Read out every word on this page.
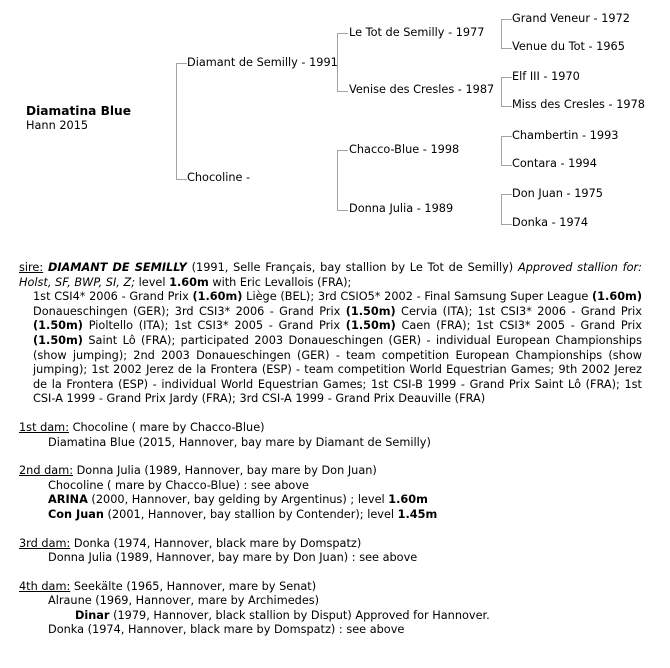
Diamatina Blue
Hann 2015
Diamant de Semilly - 1991
Chocoline -
Le Tot de Semilly - 1977
Venise des Cresles - 1987
Chacco-Blue - 1998
Donna Julia - 1989
Grand Veneur - 1972
Venue du Tot - 1965
Elf III - 1970
Miss des Cresles - 1978
Chambertin - 1993
Contara - 1994
Don Juan - 1975
Donka - 1974

sire: DIAMANT DE SEMILLY (1991, Selle Français, bay stallion by Le Tot de Semilly) Approved stallion for: Holst, SF, BWP, SI, Z; level 1.60m with Eric Levallois (FRA);

1st CSI4* 2006 - Grand Prix (1.60m) Liège (BEL); 3rd CSIO5* 2002 - Final Samsung Super League (1.60m) Donaueschingen (GER); 3rd CSI3* 2006 - Grand Prix (1.50m) Cervia (ITA); 1st CSI3* 2006 - Grand Prix (1.50m) Pioltello (ITA); 1st CSI3* 2005 - Grand Prix (1.50m) Caen (FRA); 1st CSI3* 2005 - Grand Prix (1.50m) Saint Lô (FRA); participated 2003 Donaueschingen (GER) - individual European Championships (show jumping); 2nd 2003 Donaueschingen (GER) - team competition European Championships (show jumping); 1st 2002 Jerez de la Frontera (ESP) - team competition World Equestrian Games; 9th 2002 Jerez de la Frontera (ESP) - individual World Equestrian Games; 1st CSI-B 1999 - Grand Prix Saint Lô (FRA); 1st CSI-A 1999 - Grand Prix Jardy (FRA); 3rd CSI-A 1999 - Grand Prix Deauville (FRA)

1st dam: Chocoline ( mare by Chacco-Blue)
Diamatina Blue (2015, Hannover, bay mare by Diamant de Semilly)
2nd dam: Donna Julia (1989, Hannover, bay mare by Don Juan)
Chocoline ( mare by Chacco-Blue) : see above
ARINA (2000, Hannover, bay gelding by Argentinus) ; level 1.60m
Con Juan (2001, Hannover, bay stallion by Contender); level 1.45m
3rd dam: Donka (1974, Hannover, black mare by Domspatz)
Donna Julia (1989, Hannover, bay mare by Don Juan) : see above
4th dam: Seekälte (1965, Hannover, mare by Senat)
Alraune (1969, Hannover, mare by Archimedes)
Dinar (1979, Hannover, black stallion by Disput) Approved for Hannover.
Donka (1974, Hannover, black mare by Domspatz) : see above
